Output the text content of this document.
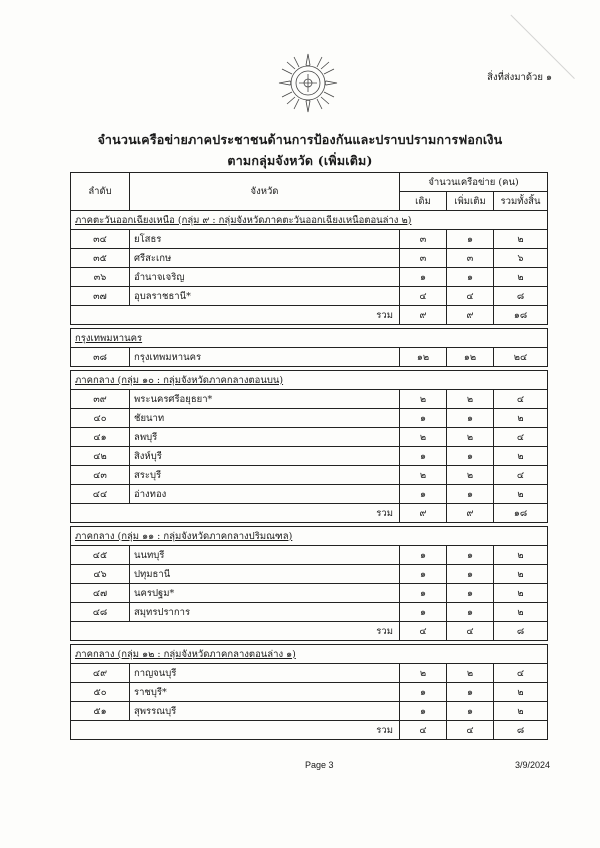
สิ่งที่ส่งมาด้วย ๑
จำนวนเครือข่ายภาคประชาชนด้านการป้องกันและปราบปรามการฟอกเงิน
ตามกลุ่มจังหวัด (เพิ่มเติม)
ลำดับ	จังหวัด	จำนวนเครือข่าย (คน)		
		เดิม	เพิ่มเติม	รวมทั้งสิ้น
ภาคตะวันออกเฉียงเหนือ (กลุ่ม ๙ : กลุ่มจังหวัดภาคตะวันออกเฉียงเหนือตอนล่าง ๒)				
๓๔	ยโสธร	๓	๑	๒
๓๕	ศรีสะเกษ	๓	๓	๖
๓๖	อำนาจเจริญ	๑	๑	๒
๓๗	อุบลราชธานี*	๔	๔	๘
รวม		๙	๙	๑๘

กรุงเทพมหานคร				
๓๘	กรุงเทพมหานคร	๑๒	๑๒	๒๔

ภาคกลาง (กลุ่ม ๑๐ : กลุ่มจังหวัดภาคกลางตอนบน)				
๓๙	พระนครศรีอยุธยา*	๒	๒	๔
๔๐	ชัยนาท	๑	๑	๒
๔๑	ลพบุรี	๒	๒	๔
๔๒	สิงห์บุรี	๑	๑	๒
๔๓	สระบุรี	๒	๒	๔
๔๔	อ่างทอง	๑	๑	๒
รวม		๙	๙	๑๘

ภาคกลาง (กลุ่ม ๑๑ : กลุ่มจังหวัดภาคกลางปริมณฑล)				
๔๕	นนทบุรี	๑	๑	๒
๔๖	ปทุมธานี	๑	๑	๒
๔๗	นครปฐม*	๑	๑	๒
๔๘	สมุทรปราการ	๑	๑	๒
รวม		๔	๔	๘

ภาคกลาง (กลุ่ม ๑๒ : กลุ่มจังหวัดภาคกลางตอนล่าง ๑)				
๔๙	กาญจนบุรี	๒	๒	๔
๕๐	ราชบุรี*	๑	๑	๒
๕๑	สุพรรณบุรี	๑	๑	๒
รวม		๔	๔	๘
Page 3	3/9/2024
